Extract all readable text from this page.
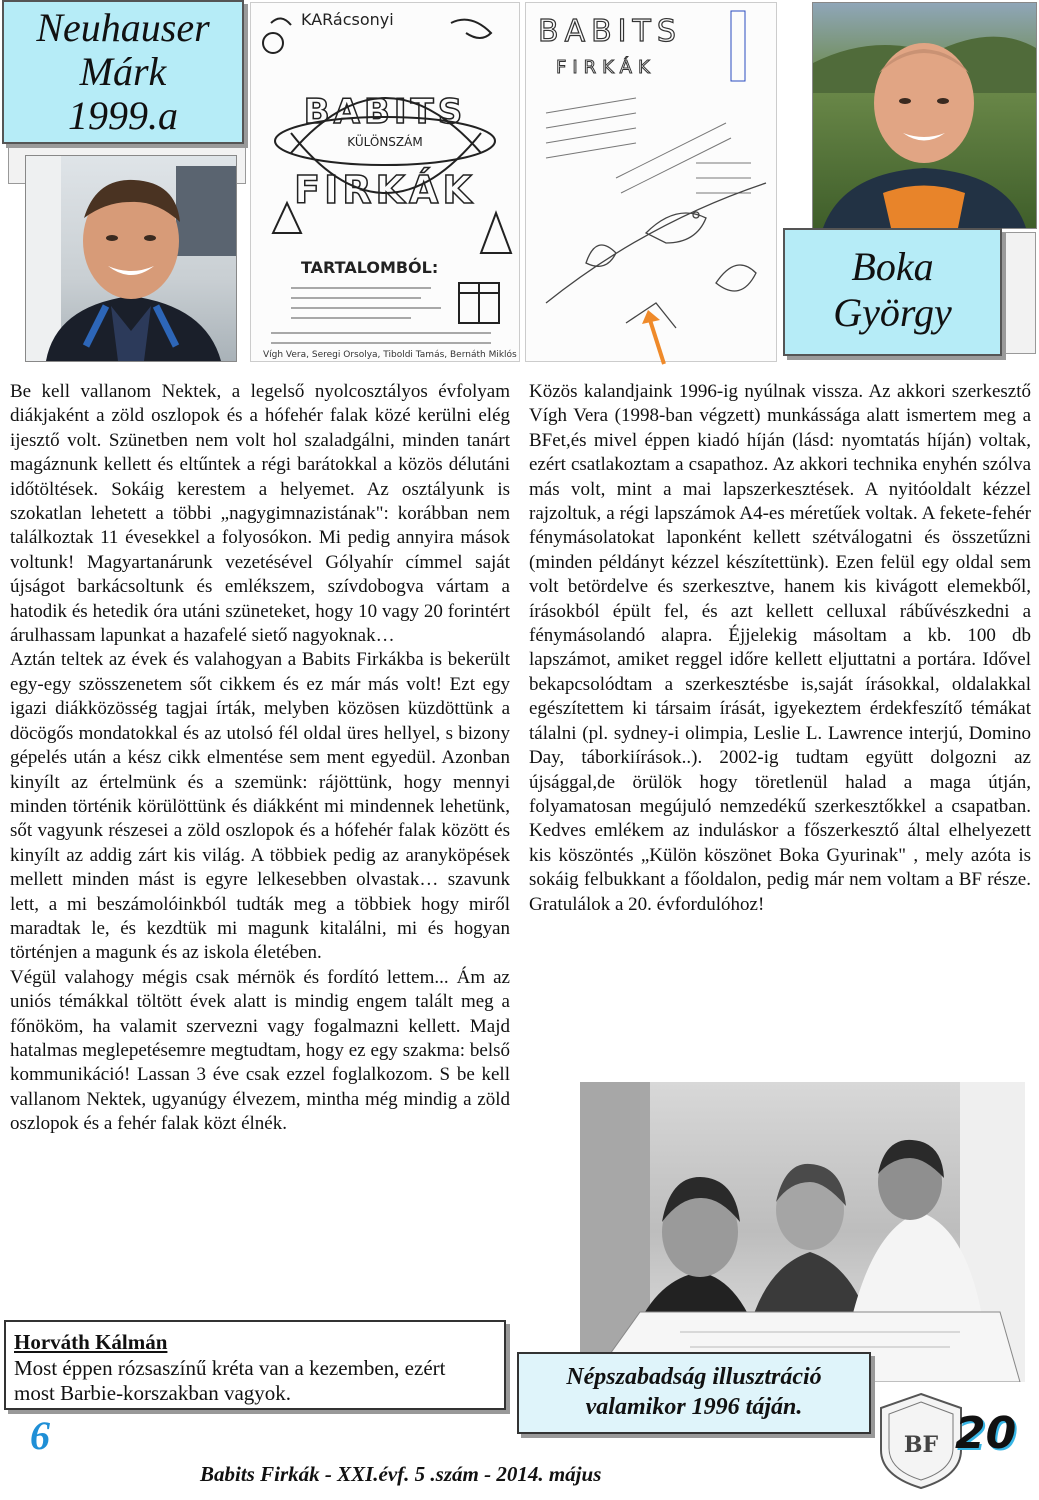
Neuhauser
Márk
1999.a
KARácsonyi
BABITS
FIRKÁK
KÜLÖNSZÁM
TARTALOMBÓL:
Vígh Vera, Seregi Orsolya, Tiboldi Tamás, Bernáth Miklós
BABITS
FIRKÁK
Boka
György

Be kell vallanom Nektek, a legelső nyolcosztályos évfolyam diákjaként a zöld oszlopok és a hófehér falak közé kerülni elég ijesztő volt. Szünetben nem volt hol szaladgálni, minden tanárt magáznunk kellett és eltűntek a régi barátokkal a közös délutáni időtöltések. Sokáig kerestem a helyemet. Az osztályunk is szokatlan lehetett a többi „nagygimnazistának": korábban nem találkoztak 11 évesekkel a folyosókon. Mi pedig annyira mások voltunk! Magyartanárunk vezetésével Gólyahír címmel saját újságot barkácsoltunk és emlékszem, szívdobogva vártam a hatodik és hetedik óra utáni szüneteket, hogy 10 vagy 20 forintért árulhassam lapunkat a hazafelé siető nagyoknak…

Aztán teltek az évek és valahogyan a Babits Firkákba is bekerült egy-egy szösszenetem sőt cikkem és ez már más volt! Ezt egy igazi diákközösség tagjai írták, melyben közösen küzdöttünk a döcögős mondatokkal és az utolsó fél oldal üres hellyel, s bizony gépelés után a kész cikk elmentése sem ment egyedül. Azonban kinyílt az értelmünk és a szemünk: rájöttünk, hogy mennyi minden történik körülöttünk és diákként mi mindennek lehetünk, sőt vagyunk részesei a zöld oszlopok és a hófehér falak között és kinyílt az addig zárt kis világ. A többiek pedig az aranyköpések mellett minden mást is egyre lelkesebben olvastak… szavunk lett, a mi beszámolóinkból tudták meg a többiek hogy miről maradtak le, és kezdtük mi magunk kitalálni, mi és hogyan történjen a magunk és az iskola életében.

Végül valahogy mégis csak mérnök és fordító lettem... Ám az uniós témákkal töltött évek alatt is mindig engem talált meg a főnököm, ha valamit szervezni vagy fogalmazni kellett. Majd hatalmas meglepetésemre megtudtam, hogy ez egy szakma: belső kommunikáció! Lassan 3 éve csak ezzel foglalkozom. S be kell vallanom Nektek, ugyanúgy élvezem, mintha még mindig a zöld oszlopok és a fehér falak közt élnék.

Közös kalandjaink 1996-ig nyúlnak vissza. Az akkori szerkesztő Vígh Vera (1998-ban végzett) munkássága alatt ismertem meg a BFet,és mivel éppen kiadó híján (lásd: nyomtatás híján) voltak, ezért csatlakoztam a csapathoz. Az akkori technika enyhén szólva más volt, mint a mai lapszerkesztések. A nyitóoldalt kézzel rajzoltuk, a régi lapszámok A4-es méretűek voltak. A fekete-fehér fénymásolatokat laponként kellett szétválogatni és összetűzni (minden példányt kézzel készítettünk). Ezen felül egy oldal sem volt betördelve és szerkesztve, hanem kis kivágott elemekből, írásokból épült fel, és azt kellett celluxal rábűvészkedni a fénymásolandó alapra. Éjjelekig másoltam a kb. 100 db lapszámot, amiket reggel időre kellett eljuttatni a portára. Idővel bekapcsolódtam a szerkesztésbe is,saját írásokkal, oldalakkal egészítettem ki társaim írását, igyekeztem érdekfeszítő témákat tálalni (pl. sydney-i olimpia, Leslie L. Lawrence interjú, Domino Day, táborkiírások..). 2002-ig tudtam együtt dolgozni az újsággal,de örülök hogy töretlenül halad a maga útján, folyamatosan megújuló nemzedékű szerkesztőkkel a csapatban. Kedves emlékem az induláskor a főszerkesztő által elhelyezett kis köszöntés „Külön köszönet Boka Gyurinak" , mely azóta is sokáig felbukkant a főoldalon, pedig már nem voltam a BF része. Gratulálok a 20. évfordulóhoz!

Horváth Kálmán
Most éppen rózsaszínű kréta van a kezemben, ezért most Barbie-korszakban vagyok.
Népszabadság illusztráció
valamikor 1996 táján.
BF
6
Babits Firkák - XXI.évf. 5 .szám - 2014. május
20
